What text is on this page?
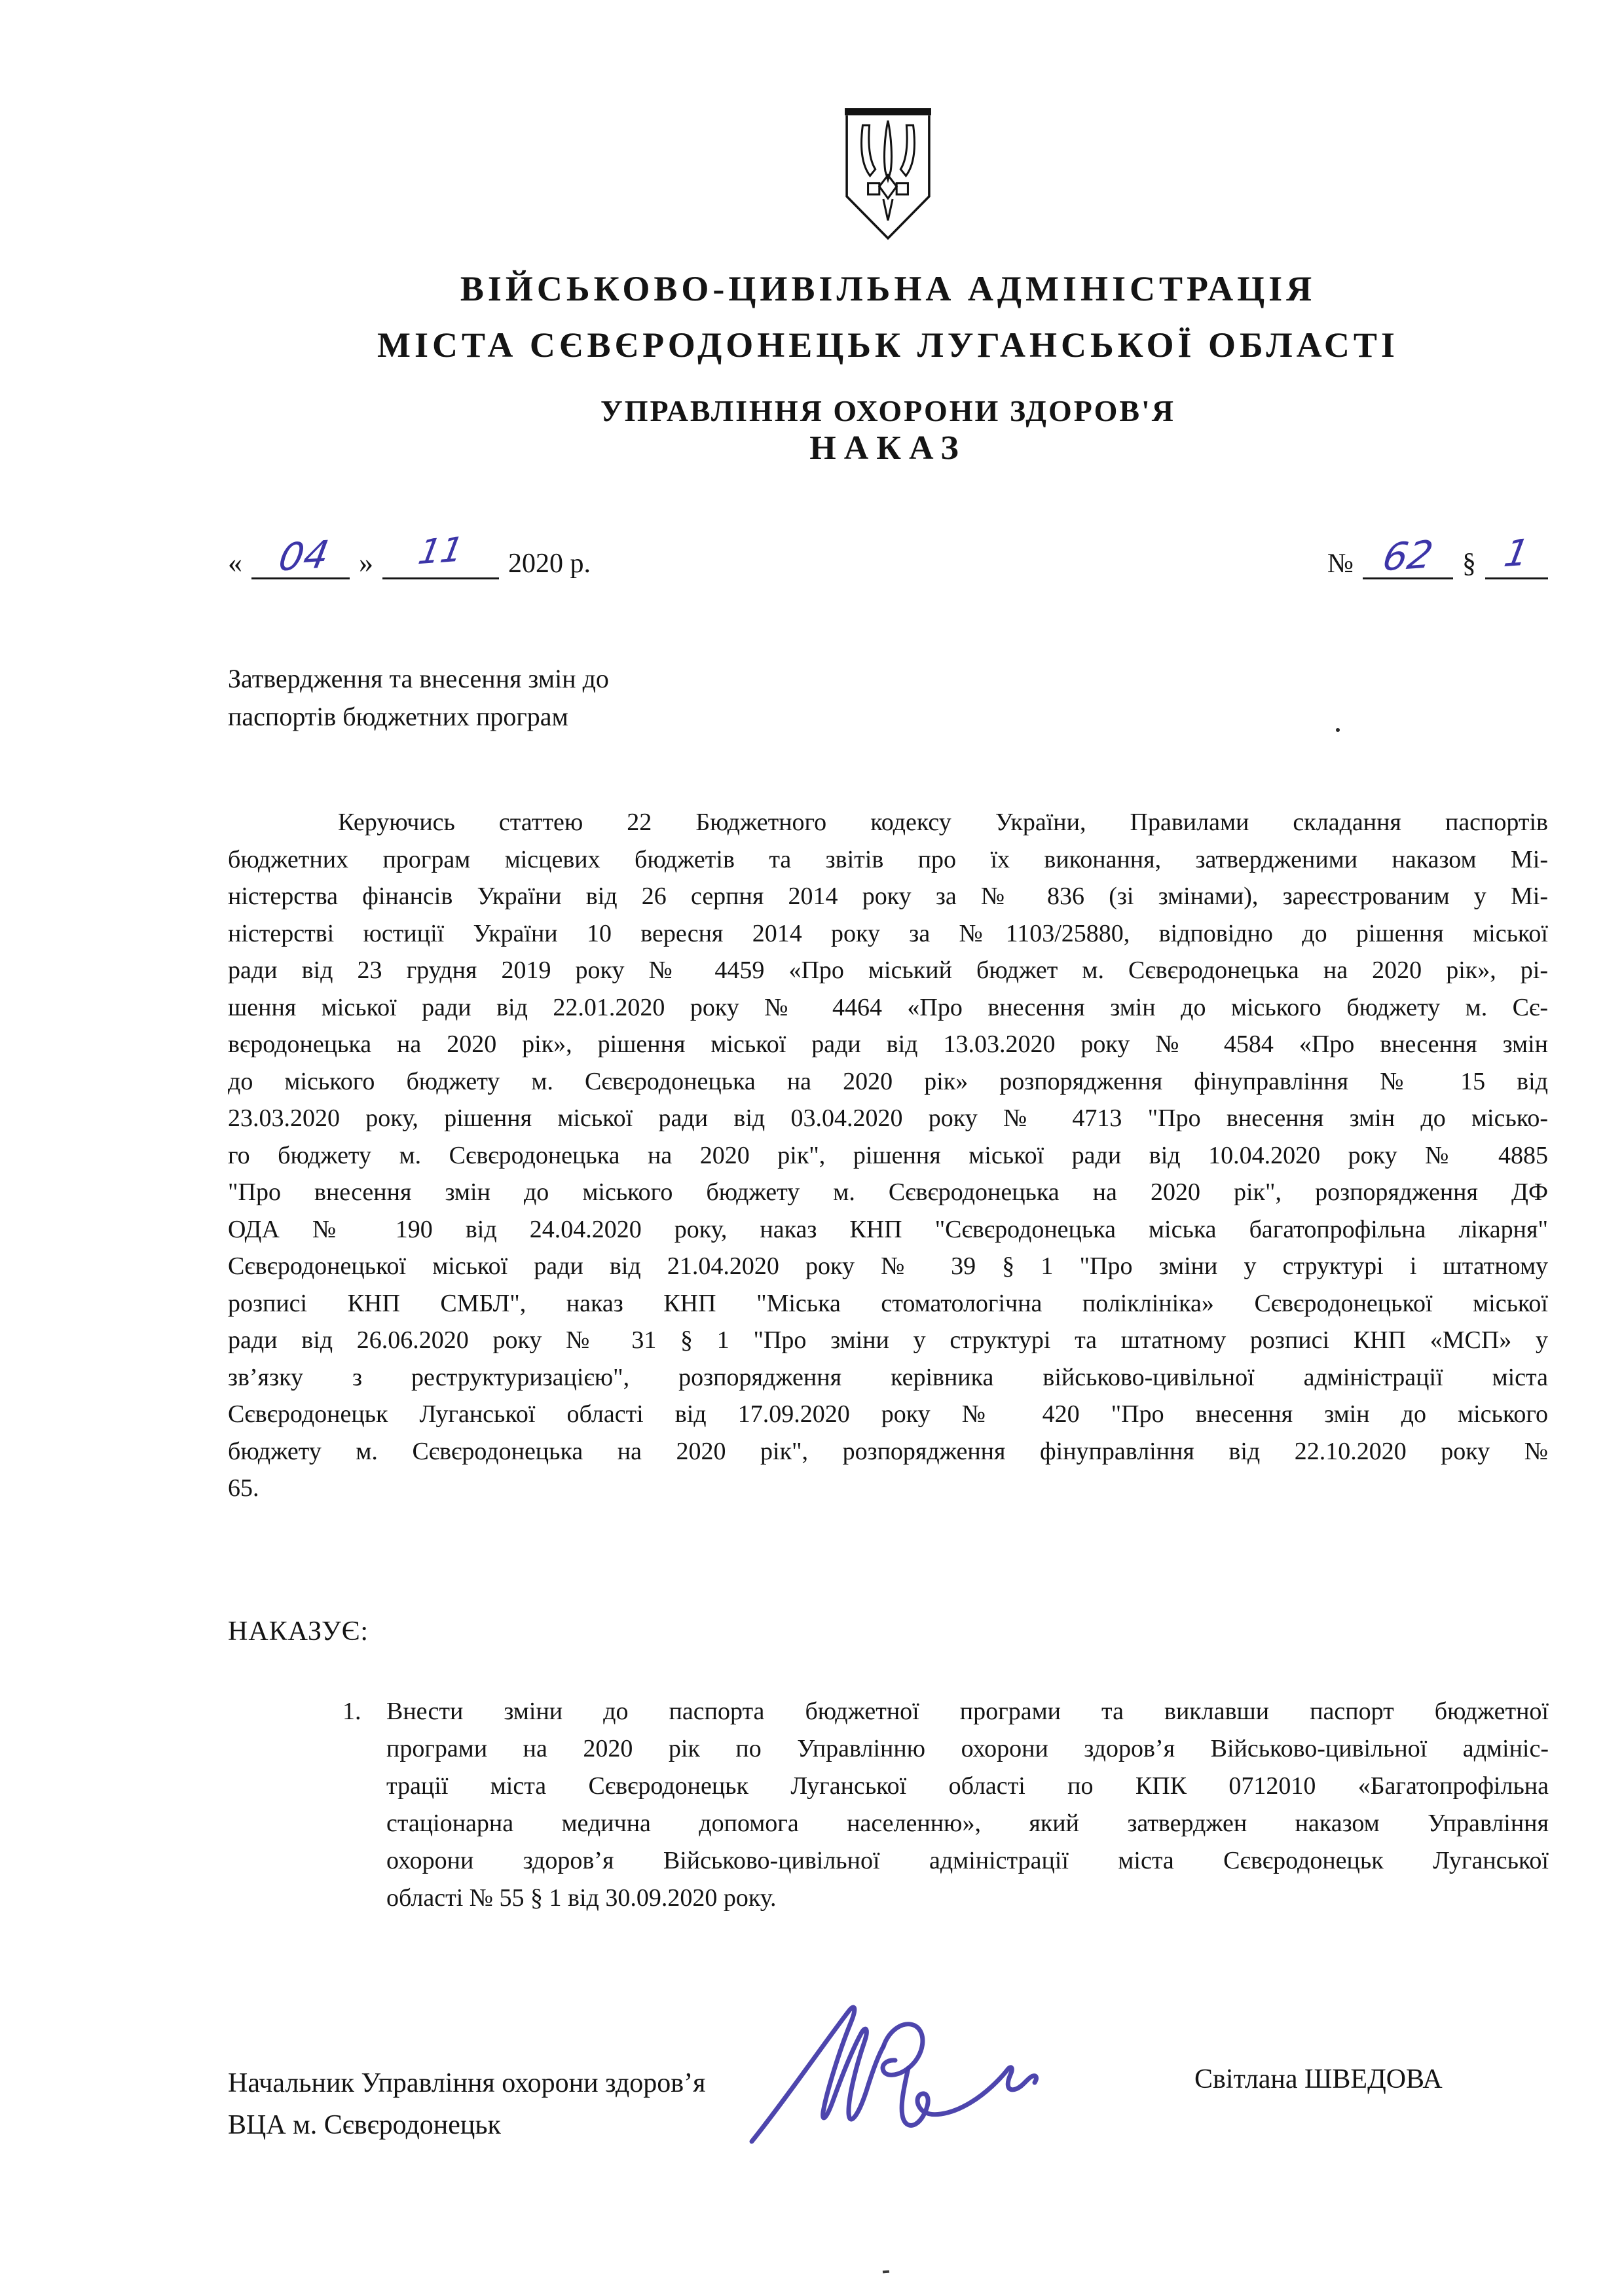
ВІЙСЬКОВО-ЦИВІЛЬНА АДМІНІСТРАЦІЯ
МІСТА СЄВЄРОДОНЕЦЬК ЛУГАНСЬКОЇ ОБЛАСТІ
УПРАВЛІННЯ ОХОРОНИ ЗДОРОВ'Я
НАКАЗ
« 04 »	11	2020 р.	№ 62 § 1
Затвердження та внесення змін до
паспортів бюджетних програм
Керуючись статтею 22 Бюджетного кодексу України, Правилами складання паспортів
бюджетних програм місцевих бюджетів та звітів про їх виконання, затвердженими наказом Мі-
ністерства фінансів України від 26 серпня 2014 року за № 836 (зі змінами), зареєстрованим у Мі-
ністерстві юстиції України 10 вересня 2014 року за №1103/25880, відповідно до рішення міської
ради від 23 грудня 2019 року № 4459 «Про міський бюджет м. Сєвєродонецька на 2020 рік», рі-
шення міської ради від 22.01.2020 року № 4464 «Про внесення змін до міського бюджету м. Сє-
вєродонецька на 2020 рік», рішення міської ради від 13.03.2020 року № 4584 «Про внесення змін
до міського бюджету м. Сєвєродонецька на 2020 рік» розпорядження фінуправління № 15 від
23.03.2020 року, рішення міської ради від 03.04.2020 року № 4713 "Про внесення змін до місько-
го бюджету м. Сєвєродонецька на 2020 рік", рішення міської ради від 10.04.2020 року № 4885
"Про внесення змін до міського бюджету м. Сєвєродонецька на 2020 рік", розпорядження ДФ
ОДА № 190 від 24.04.2020 року, наказ КНП "Сєвєродонецька міська багатопрофільна лікарня"
Сєвєродонецької міської ради від 21.04.2020 року № 39 § 1 "Про зміни у структурі і штатному
розписі КНП СМБЛ", наказ КНП "Міська стоматологічна поліклініка» Сєвєродонецької міської
ради від 26.06.2020 року № 31 § 1 "Про зміни у структурі та штатному розписі КНП «МСП» у
зв’язку з реструктуризацією", розпорядження керівника військово-цивільної адміністрації міста
Сєвєродонецьк Луганської області від 17.09.2020 року № 420 "Про внесення змін до міського
бюджету м. Сєвєродонецька на 2020 рік", розпорядження фінуправління від 22.10.2020 року №
65.
НАКАЗУЄ:
1.	Внести зміни до паспорта бюджетної програми та виклавши паспорт бюджетної
програми на 2020 рік по Управлінню охорони здоров’я Військово-цивільної адмініс-
трації міста Сєвєродонецьк Луганської області по КПК 0712010 «Багатопрофільна
стаціонарна медична допомога населенню», який затверджен наказом Управління
охорони здоров’я Військово-цивільної адміністрації міста Сєвєродонецьк Луганської
області № 55 § 1 від 30.09.2020 року.
Начальник Управління охорони здоров’я
ВЦА м. Сєвєродонецьк
Світлана ШВЕДОВА
